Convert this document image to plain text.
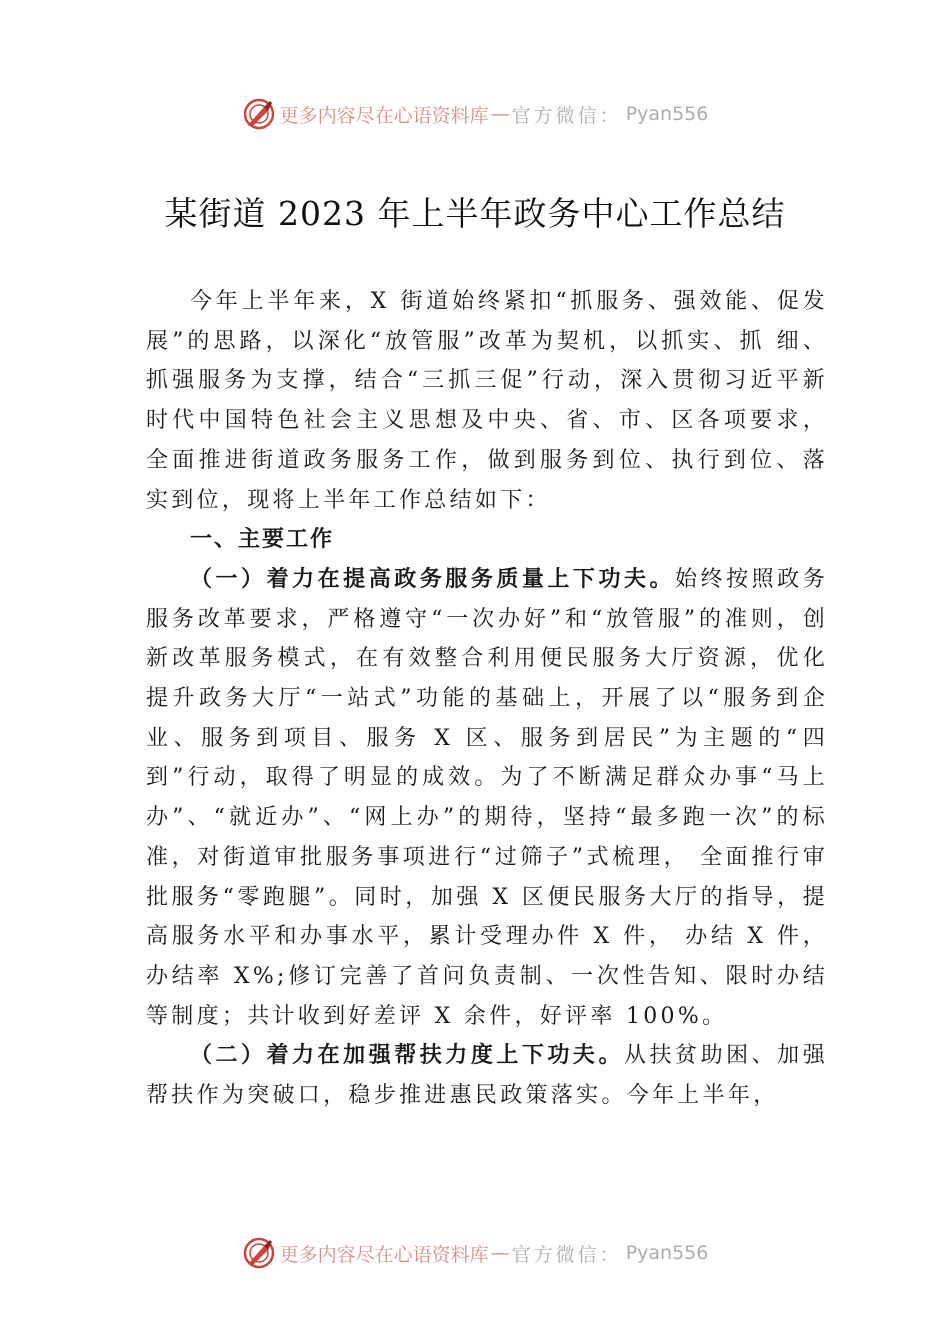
更多内容尽在心语资料库 — 官方微信： Pyan556
某街道 2023 年上半年政务中心工作总结

今年上半年来，X 街道始终紧扣“抓服务、强效能、促发展”的思路，以深化“放管服”改革为契机，以抓实、抓 细、抓强服务为支撑，结合“三抓三促”行动，深入贯彻习近平新时代中国特色社会主义思想及中央、省、市、区各项要求，全面推进街道政务服务工作，做到服务到位、执行到位、落实到位，现将上半年工作总结如下：

一、主要工作

（一）着力在提高政务服务质量上下功夫。始终按照政务服务改革要求，严格遵守“一次办好”和“放管服”的准则，创新改革服务模式，在有效整合利用便民服务大厅资源，优化提升政务大厅“一站式”功能的基础上，开展了以“服务到企业、服务到项目、服务 X 区、服务到居民”为主题的“四到”行动，取得了明显的成效。为了不断满足群众办事“马上办”、“就近办”、“网上办”的期待，坚持“最多跑一次”的标准，对街道审批服务事项进行“过筛子”式梳理， 全面推行审批服务“零跑腿”。同时，加强 X 区便民服务大厅的指导，提高服务水平和办事水平，累计受理办件 X 件， 办结 X 件，办结率 X%;修订完善了首问负责制、一次性告知、限时办结等制度；共计收到好差评 X 余件，好评率 100%。

（二）着力在加强帮扶力度上下功夫。从扶贫助困、加强帮扶作为突破口，稳步推进惠民政策落实。今年上半年，

更多内容尽在心语资料库 — 官方微信： Pyan556
